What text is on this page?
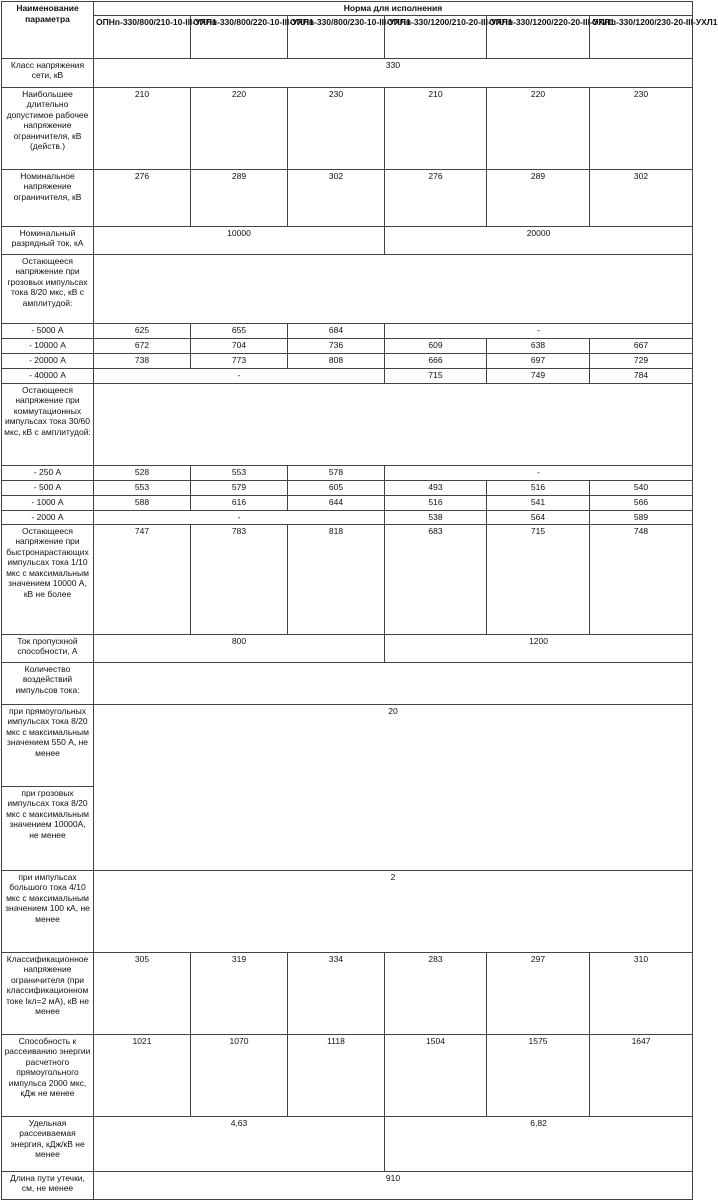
Наименование параметра	Норма для исполнения					

	ОПНп-330/800/210-10-III-УХЛ1	ОПНп-330/800/220-10-III-УХЛ1	ОПНп-330/800/230-10-III-УХЛ1	ОПНп-330/1200/210-20-III-УХЛ1	ОПНп-330/1200/220-20-III-УХЛ1	ОПНп-330/1200/230-20-III-УХЛ1

Класс напряжения сети, кВ	330					
Наибольшее длительно допустимое рабочее напряжение ограничителя, кВ (действ.)	210	220	230	210	220	230
Номинальное напряжение ограничителя, кВ	276	289	302	276	289	302
Номинальный разрядный ток, кА	10000			20000		
Остающееся напряжение при грозовых импульсах тока 8/20 мкс, кВ с амплитудой:						
- 5000 А	625	655	684	-		
- 10000 А	672	704	736	609	638	667
- 20000 А	738	773	808	666	697	729
- 40000 А	-			715	749	784
Остающееся напряжение при коммутационных импульсах тока 30/60 мкс, кВ с амплитудой:						
- 250 А	528	553	578	-		
- 500 А	553	579	605	493	516	540
- 1000 А	588	616	644	516	541	566
- 2000 А	-			538	564	589
Остающееся напряжение при быстронарастающих импульсах тока 1/10 мкс с максимальным значением 10000 А, кВ не более	747	783	818	683	715	748
Ток пропускной способности, А	800			1200		
Количество воздействий импульсов тока:						
при прямоугольных импульсах тока 8/20 мкс с максимальным значением 550 А, не менее	20					
при грозовых импульсах тока 8/20 мкс с максимальным значением 10000А, не менее						
при импульсах большого тока 4/10 мкс с максимальным значением 100 кА, не менее	2					
Классификационное напряжение ограничителя (при классификационном токе Iкл=2 мА), кВ не менее	305	319	334	283	297	310
Способность к рассеиванию энергии расчетного прямоугольного импульса 2000 мкс, кДж не менее	1021	1070	1118	1504	1575	1647
Удельная рассеиваемая энергия, кДж/кВ не менее	4,63			6,82		
Длина пути утечки, см, не менее	910					
